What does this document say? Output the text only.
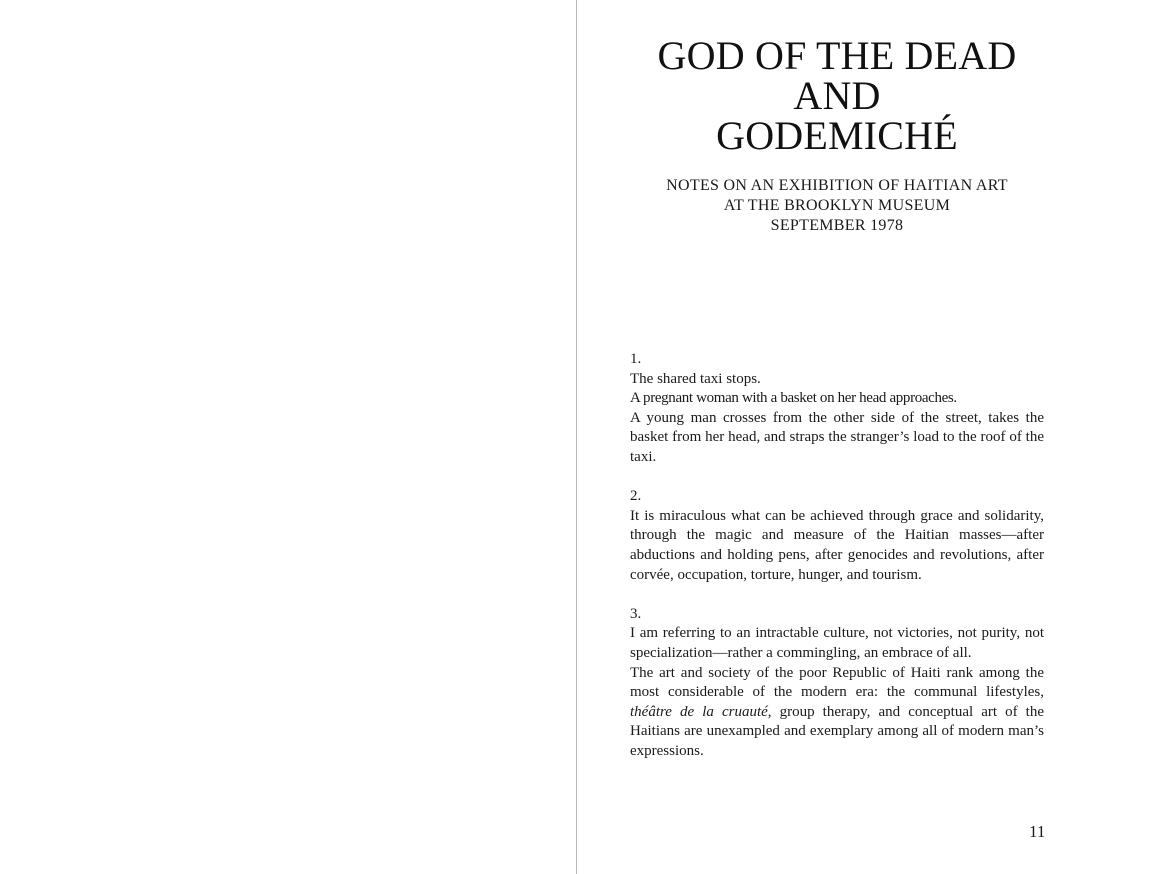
GOD OF THE DEAD
AND
GODEMICHÉ
NOTES ON AN EXHIBITION OF HAITIAN ART
AT THE BROOKLYN MUSEUM
SEPTEMBER 1978
1.
The shared taxi stops.
A pregnant woman with a basket on her head approaches.
A young man crosses from the other side of the street, takes the basket from her head, and straps the stranger’s load to the roof of the taxi.
2.
It is miraculous what can be achieved through grace and solidarity, through the magic and measure of the Haitian masses—after abductions and holding pens, after genocides and revolutions, after corvée, occupation, torture, hunger, and tourism.
3.
I am referring to an intractable culture, not victories, not purity, not specialization—rather a commingling, an embrace of all.
The art and society of the poor Republic of Haiti rank among the most considerable of the modern era: the communal lifestyles, théâtre de la cruauté, group therapy, and conceptual art of the Haitians are unexampled and exemplary among all of modern man’s expressions.
11
